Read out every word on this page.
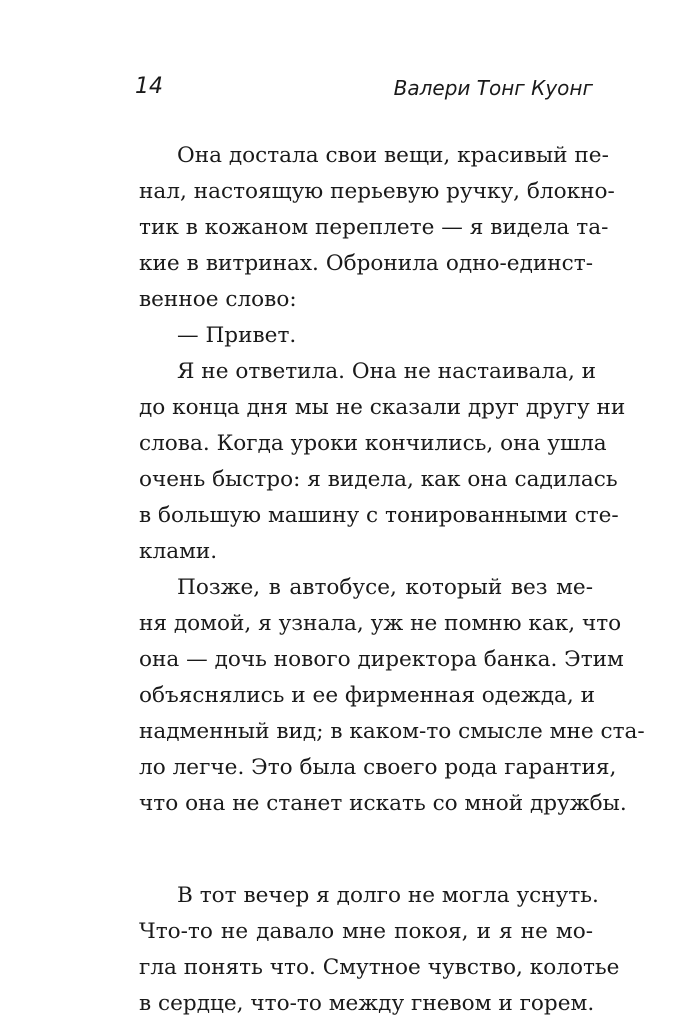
14	Валери Тонг Куонг
Она достала свои вещи, красивый пе-
нал, настоящую перьевую ручку, блокно-
тик в кожаном переплете — я видела та-
кие в витринах. Обронила одно-единст-
венное слово:
— Привет.
Я не ответила. Она не настаивала, и
до конца дня мы не сказали друг другу ни
слова. Когда уроки кончились, она ушла
очень быстро: я видела, как она садилась
в большую машину с тонированными сте-
клами.
Позже, в автобусе, который вез ме-
ня домой, я узнала, уж не помню как, что
она — дочь нового директора банка. Этим
объяснялись и ее фирменная одежда, и
надменный вид; в каком-то смысле мне ста-
ло легче. Это была своего рода гарантия,
что она не станет искать со мной дружбы.
В тот вечер я долго не могла уснуть.
Что-то не давало мне покоя, и я не мо-
гла понять что. Смутное чувство, колотье
в сердце, что-то между гневом и горем.
